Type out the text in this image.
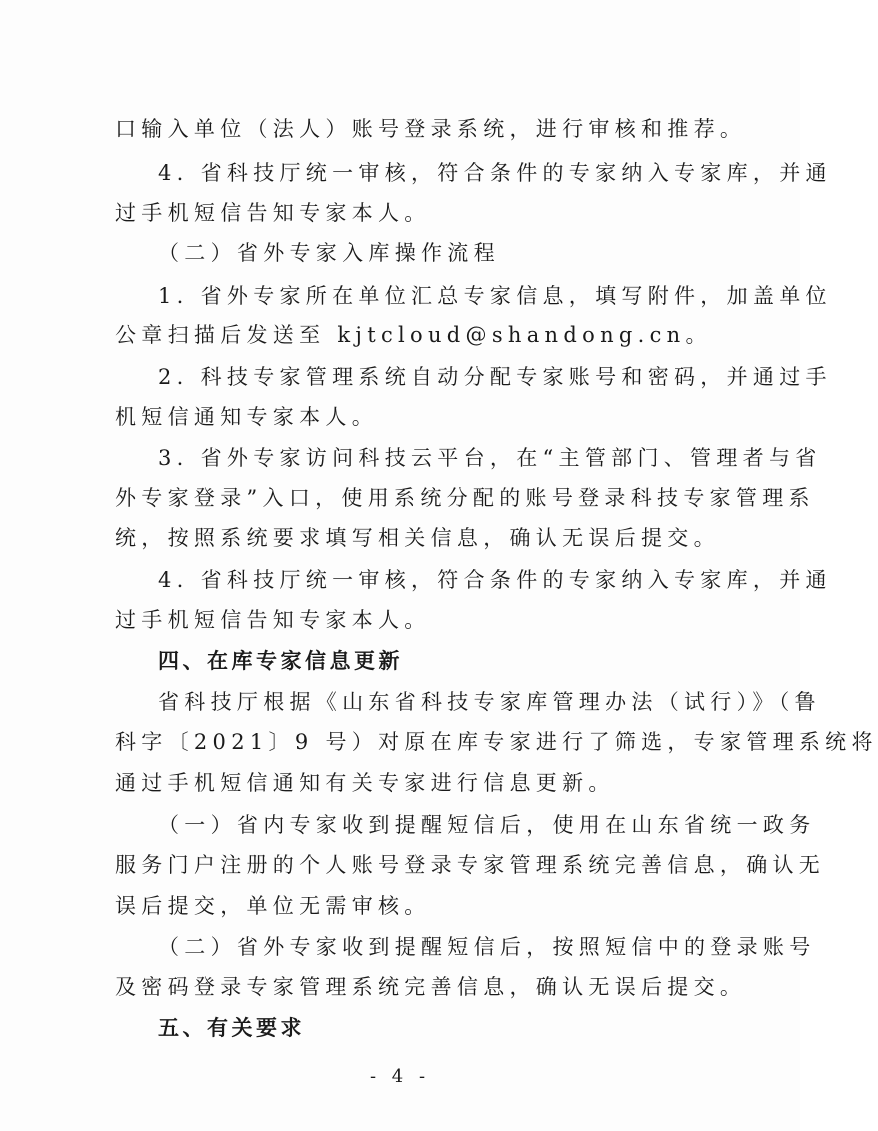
口输入单位（法人）账号登录系统，进行审核和推荐。
4. 省科技厅统一审核，符合条件的专家纳入专家库，并通
过手机短信告知专家本人。
（二）省外专家入库操作流程
1. 省外专家所在单位汇总专家信息，填写附件，加盖单位
公章扫描后发送至 kjtcloud@shandong.cn。
2. 科技专家管理系统自动分配专家账号和密码，并通过手
机短信通知专家本人。
3. 省外专家访问科技云平台，在“主管部门、管理者与省
外专家登录”入口，使用系统分配的账号登录科技专家管理系
统，按照系统要求填写相关信息，确认无误后提交。
4. 省科技厅统一审核，符合条件的专家纳入专家库，并通
过手机短信告知专家本人。
四、在库专家信息更新
省科技厅根据《山东省科技专家库管理办法（试行）》（鲁
科字〔2021〕9 号）对原在库专家进行了筛选，专家管理系统将
通过手机短信通知有关专家进行信息更新。
（一）省内专家收到提醒短信后，使用在山东省统一政务
服务门户注册的个人账号登录专家管理系统完善信息，确认无
误后提交，单位无需审核。
（二）省外专家收到提醒短信后，按照短信中的登录账号
及密码登录专家管理系统完善信息，确认无误后提交。
五、有关要求
- 4 -
